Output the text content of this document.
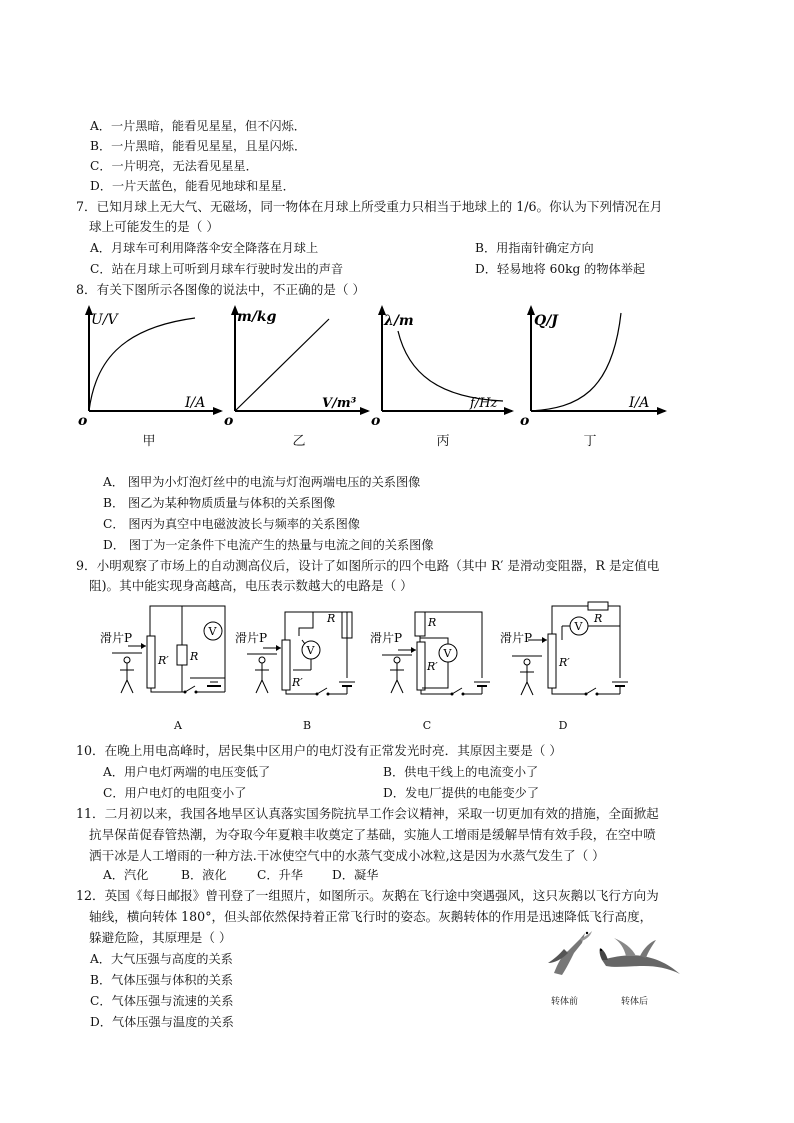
A．一片黑暗，能看见星星，但不闪烁．
B．一片黑暗，能看见星星，且星闪烁．
C．一片明亮，无法看见星星．
D．一片天蓝色，能看见地球和星星．
7．已知月球上无大气、无磁场，同一物体在月球上所受重力只相当于地球上的 1/6。你认为下列情况在月
球上可能发生的是（ ）
A．月球车可利用降落伞安全降落在月球上	B．用指南针确定方向
C．站在月球上可听到月球车行驶时发出的声音	D．轻易地将 60kg 的物体举起
8．有关下图所示各图像的说法中，不正确的是（ ）
U/V
I/A
o
甲
m/kg
V/m³
o
乙
λ/m
f/Hz
o
丙
Q/J
I/A
o
丁
A． 图甲为小灯泡灯丝中的电流与灯泡两端电压的关系图像
B． 图乙为某种物质质量与体积的关系图像
C． 图丙为真空中电磁波波长与频率的关系图像
D． 图丁为一定条件下电流产生的热量与电流之间的关系图像
9．小明观察了市场上的自动测高仪后，设计了如图所示的四个电路（其中 R′ 是滑动变阻器，R 是定值电
阻)。其中能实现身高越高，电压表示数越大的电路是（ ）
V
滑片P
R′ R
A
V
滑片P
R′
R
B
V
滑片P
R′
R
C
V
滑片P
R′
R
D
10．在晚上用电高峰时，居民集中区用户的电灯没有正常发光时亮．其原因主要是（ ）
A．用户电灯两端的电压变低了	B．供电干线上的电流变小了
C．用户电灯的电阻变小了	D．发电厂提供的电能变少了
11．二月初以来，我国各地旱区认真落实国务院抗旱工作会议精神，采取一切更加有效的措施，全面掀起
抗旱保苗促春管热潮，为夺取今年夏粮丰收奠定了基础，实施人工增雨是缓解旱情有效手段，在空中喷
洒干冰是人工增雨的一种方法.干冰使空气中的水蒸气变成小冰粒,这是因为水蒸气发生了（ ）
A．汽化	B．液化 C．升华 D．凝华
12．英国《每日邮报》曾刊登了一组照片，如图所示。灰鹅在飞行途中突遇强风，这只灰鹅以飞行方向为
轴线，横向转体 180°，但头部依然保持着正常飞行时的姿态。灰鹅转体的作用是迅速降低飞行高度，
躲避危险，其原理是（ ）
A．大气压强与高度的关系
B．气体压强与体积的关系
C．气体压强与流速的关系
D．气体压强与温度的关系
转体前	转体后
